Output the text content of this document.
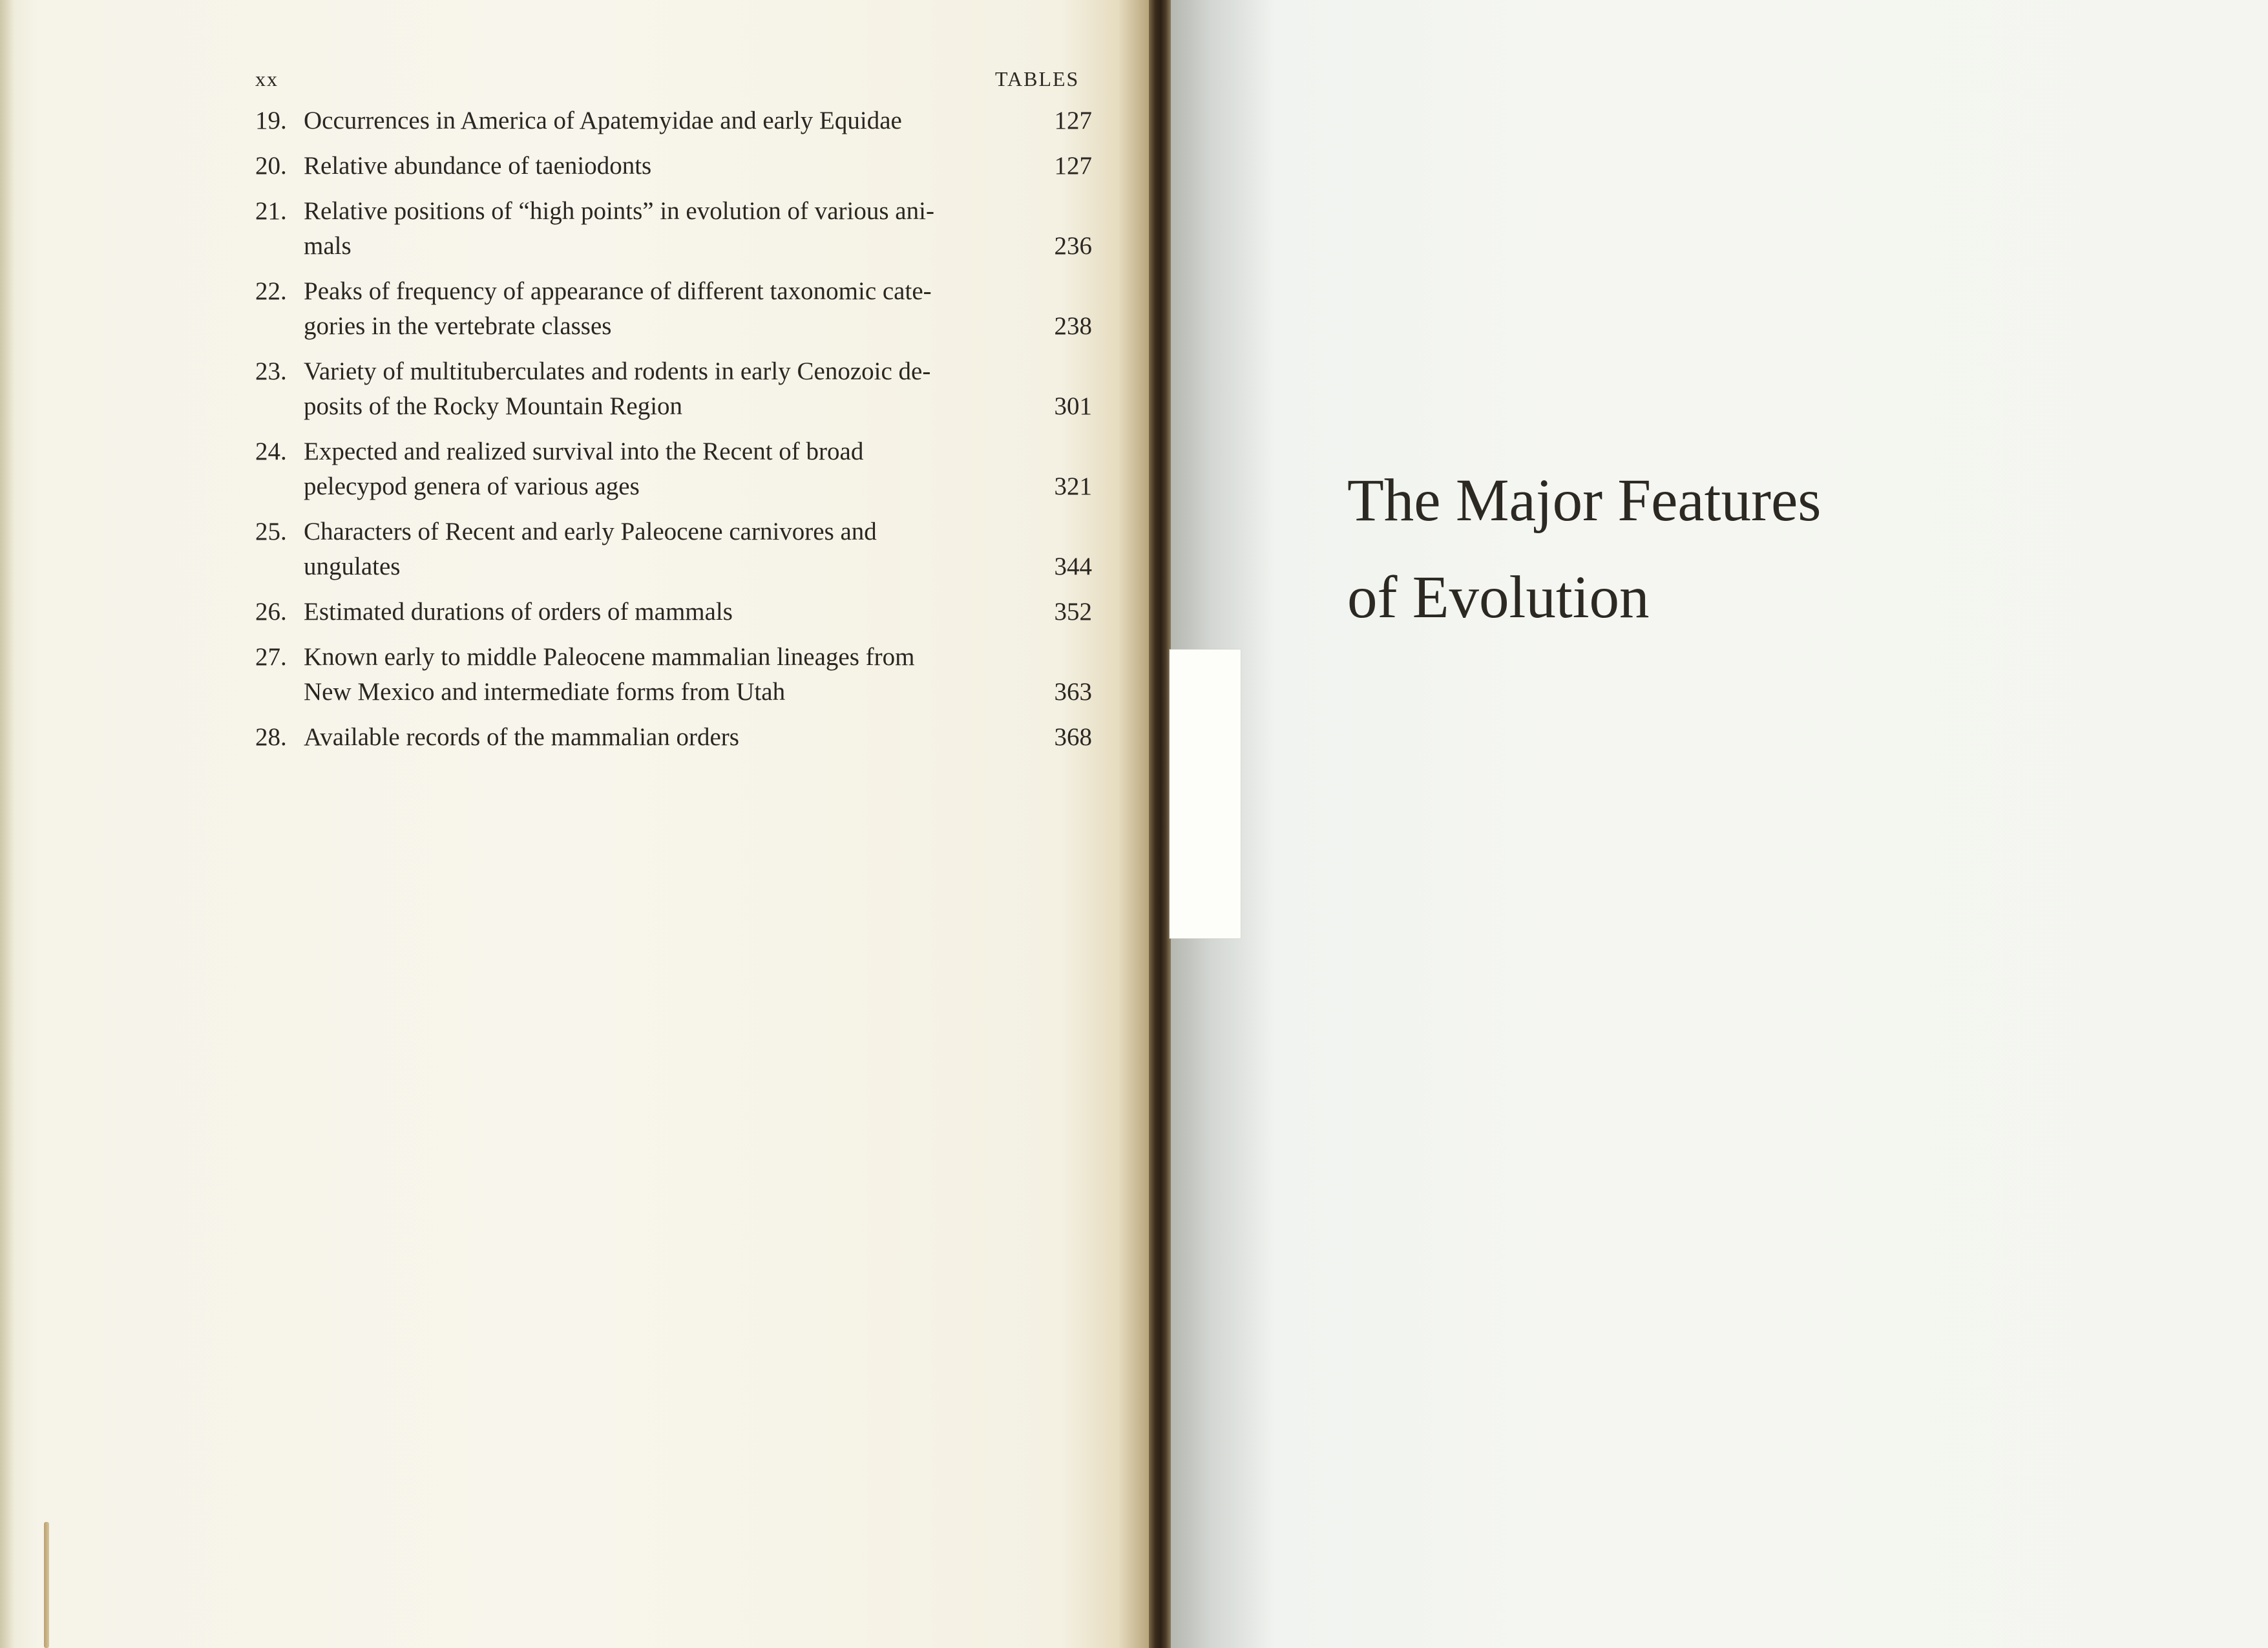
xx	TABLES
19. Occurrences in America of Apatemyidae and early Equidae	127
20. Relative abundance of taeniodonts	127
21. Relative positions of “high points” in evolution of various ani-
mals	236
22. Peaks of frequency of appearance of different taxonomic cate-
gories in the vertebrate classes	238
23. Variety of multituberculates and rodents in early Cenozoic de-
posits of the Rocky Mountain Region	301
24. Expected and realized survival into the Recent of broad
pelecypod genera of various ages	321
25. Characters of Recent and early Paleocene carnivores and
ungulates	344
26. Estimated durations of orders of mammals	352
27. Known early to middle Paleocene mammalian lineages from
New Mexico and intermediate forms from Utah	363
28. Available records of the mammalian orders	368
The Major Features
of Evolution
